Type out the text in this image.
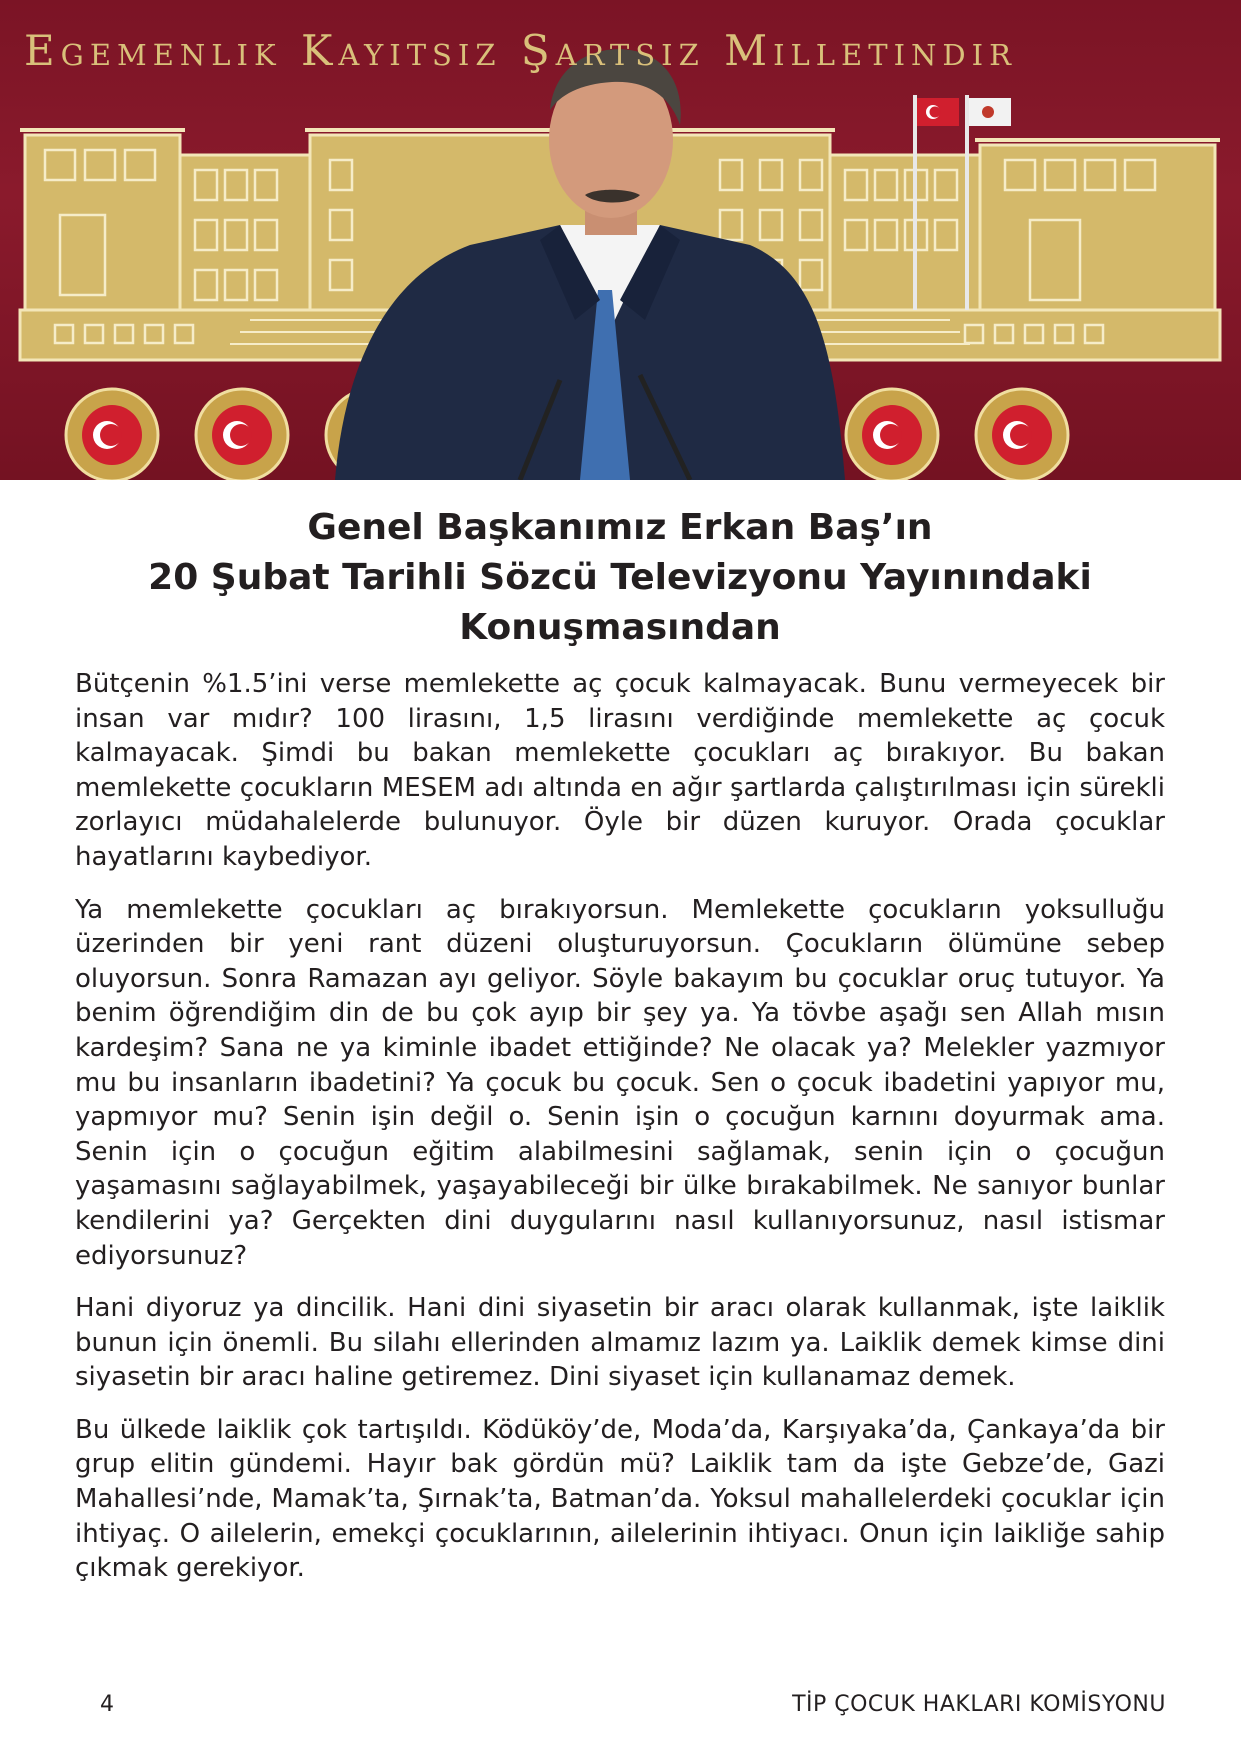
Egemenlik Kayıtsız Şartsız Milletindir
Genel Başkanımız Erkan Baş’ın
20 Şubat Tarihli Sözcü Televizyonu Yayınındaki
Konuşmasından

Bütçenin %1.5’ini verse memlekette aç çocuk kalmayacak. Bunu vermeyecek bir insan var mıdır? 100 lirasını, 1,5 lirasını verdiğinde memlekette aç çocuk kalmayacak. Şimdi bu bakan memlekette çocukları aç bırakıyor. Bu bakan memlekette çocukların MESEM adı altında en ağır şartlarda çalıştırılması için sürekli zorlayıcı müdahalelerde bulunuyor. Öyle bir düzen kuruyor. Orada çocuklar hayatlarını kaybediyor.

Ya memlekette çocukları aç bırakıyorsun. Memlekette çocukların yoksulluğu üzerinden bir yeni rant düzeni oluşturuyorsun. Çocukların ölümüne sebep oluyorsun. Sonra Ramazan ayı geliyor. Söyle bakayım bu çocuklar oruç tutuyor. Ya benim öğrendiğim din de bu çok ayıp bir şey ya. Ya tövbe aşağı sen Allah mısın kardeşim? Sana ne ya kiminle ibadet ettiğinde? Ne olacak ya? Melekler yazmıyor mu bu insanların ibadetini? Ya çocuk bu çocuk. Sen o çocuk ibadetini yapıyor mu, yapmıyor mu? Senin işin değil o. Senin işin o çocuğun karnını doyurmak ama. Senin için o çocuğun eğitim alabilmesini sağlamak, senin için o çocuğun yaşamasını sağlayabilmek, yaşayabileceği bir ülke bırakabilmek. Ne sanıyor bunlar kendilerini ya? Gerçekten dini duygularını nasıl kullanıyorsunuz, nasıl istismar ediyorsunuz?

Hani diyoruz ya dincilik. Hani dini siyasetin bir aracı olarak kullanmak, işte laiklik bunun için önemli. Bu silahı ellerinden almamız lazım ya. Laiklik demek kimse dini siyasetin bir aracı haline getiremez. Dini siyaset için kullanamaz demek.

Bu ülkede laiklik çok tartışıldı. Ködüköy’de, Moda’da, Karşıyaka’da, Çankaya’da bir grup elitin gündemi. Hayır bak gördün mü? Laiklik tam da işte Gebze’de, Gazi Mahallesi’nde, Mamak’ta, Şırnak’ta, Batman’da. Yoksul mahallelerdeki çocuklar için ihtiyaç. O ailelerin, emekçi çocuklarının, ailelerinin ihtiyacı. Onun için laikliğe sahip çıkmak gerekiyor.

4	TİP ÇOCUK HAKLARI KOMİSYONU
